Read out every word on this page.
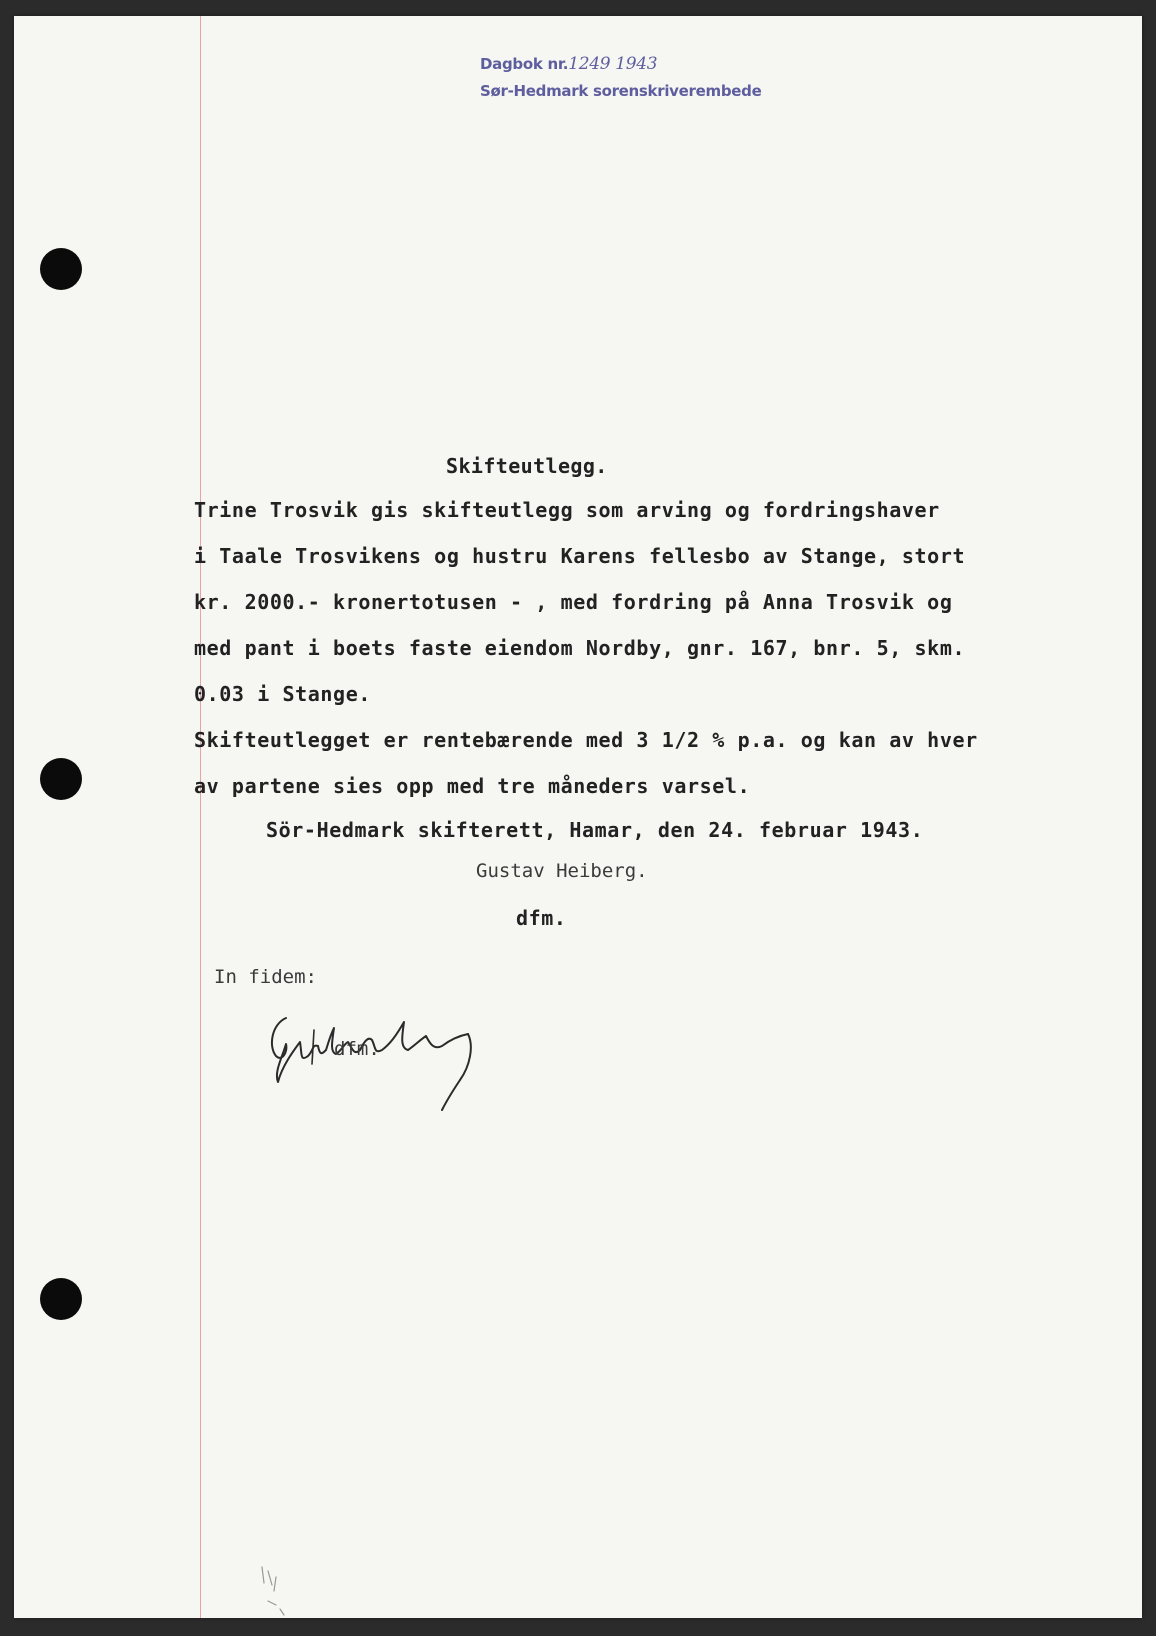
Dagbok nr.1249 1943
Sør-Hedmark sorenskriverembede
Skifteutlegg.
Trine Trosvik gis skifteutlegg som arving og fordringshaver
i Taale Trosvikens og hustru Karens fellesbo av Stange, stort
kr. 2000.- kronertotusen - , med fordring på Anna Trosvik og
med pant i boets faste eiendom Nordby, gnr. 167, bnr. 5, skm.
0.03 i Stange.
Skifteutlegget er rentebærende med 3 1/2 % p.a. og kan av hver
av partene sies opp med tre måneders varsel.
Sör-Hedmark skifterett, Hamar, den 24. februar 1943.
Gustav Heiberg.
dfm.
In fidem:
dfm.
